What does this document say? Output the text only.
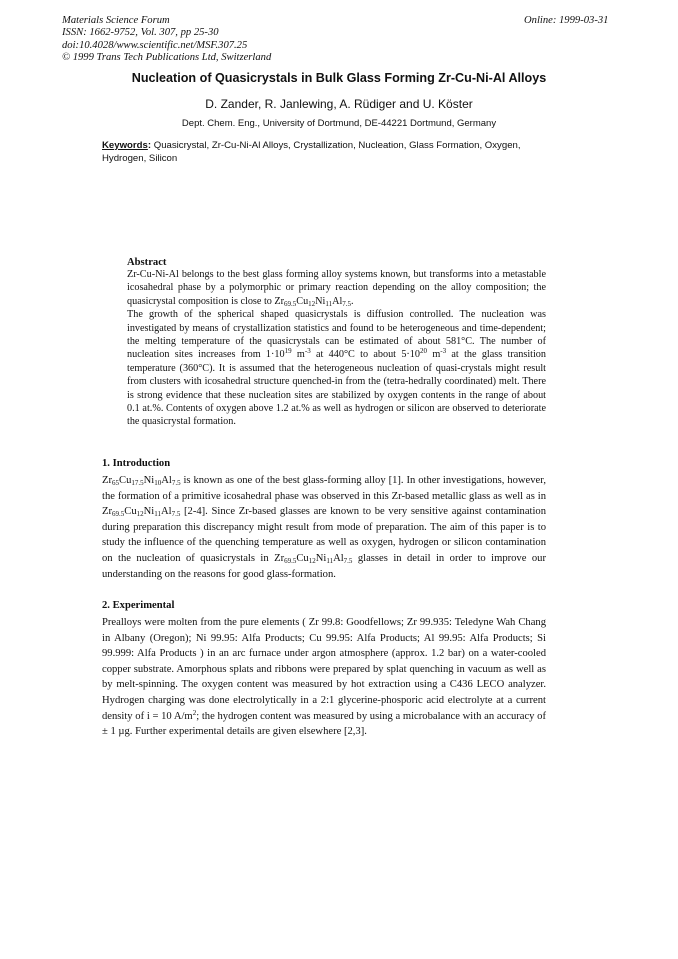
Materials Science Forum
ISSN: 1662-9752, Vol. 307, pp 25-30
doi:10.4028/www.scientific.net/MSF.307.25
© 1999 Trans Tech Publications Ltd, Switzerland
Online: 1999-03-31
Nucleation of Quasicrystals in Bulk Glass Forming Zr-Cu-Ni-Al Alloys
D. Zander, R. Janlewing, A. Rüdiger and U. Köster
Dept. Chem. Eng., University of Dortmund, DE-44221 Dortmund, Germany
Keywords: Quasicrystal, Zr-Cu-Ni-Al Alloys, Crystallization, Nucleation, Glass Formation, Oxygen, Hydrogen, Silicon
Abstract

Zr-Cu-Ni-Al belongs to the best glass forming alloy systems known, but transforms into a metastable icosahedral phase by a polymorphic or primary reaction depending on the alloy composition; the quasicrystal composition is close to $Zr_{69.5}Cu_{12}Ni_{11}Al_{7.5}$.

The growth of the spherical shaped quasicrystals is diffusion controlled. The nucleation was investigated by means of crystallization statistics and found to be heterogeneous and time-dependent; the melting temperature of the quasicrystals can be estimated of about 581°C. The number of nucleation sites increases from $1\cdot 10^{19}$ $m^{-3}$ at 440°C to about $5\cdot 10^{20}$ $m^{-3}$ at the glass transition temperature (360°C). It is assumed that the heterogeneous nucleation of quasi-crystals might result from clusters with icosahedral structure quenched-in from the (tetra-hedrally coordinated) melt. There is strong evidence that these nucleation sites are stabilized by oxygen contents in the range of about 0.1 at.%. Contents of oxygen above 1.2 at.% as well as hydrogen or silicon are observed to deteriorate the quasicrystal formation.

1. Introduction

$Zr_{65}Cu_{17.5}Ni_{10}Al_{7.5}$ is known as one of the best glass-forming alloy [1]. In other investigations, however, the formation of a primitive icosahedral phase was observed in this Zr-based metallic glass as well as in $Zr_{69.5}Cu_{12}Ni_{11}Al_{7.5}$ [2-4]. Since Zr-based glasses are known to be very sensitive against contamination during preparation this discrepancy might result from mode of preparation. The aim of this paper is to study the influence of the quenching temperature as well as oxygen, hydrogen or silicon contamination on the nucleation of quasicrystals in $Zr_{69.5}Cu_{12}Ni_{11}Al_{7.5}$ glasses in detail in order to improve our understanding on the reasons for good glass-formation.

2. Experimental

Prealloys were molten from the pure elements ( Zr 99.8: Goodfellows; Zr 99.935: Teledyne Wah Chang in Albany (Oregon); Ni 99.95: Alfa Products; Cu 99.95: Alfa Products; Al 99.95: Alfa Products; Si 99.999: Alfa Products ) in an arc furnace under argon atmosphere (approx. 1.2 bar) on a water-cooled copper substrate. Amorphous splats and ribbons were prepared by splat quenching in vacuum as well as by melt-spinning. The oxygen content was measured by hot extraction using a C436 LECO analyzer. Hydrogen charging was done electrolytically in a 2:1 glycerine-phosporic acid electrolyte at a current density of i = 10 $A/m^2$; the hydrogen content was measured by using a microbalance with an accuracy of ± 1 µg. Further experimental details are given elsewhere [2,3].
